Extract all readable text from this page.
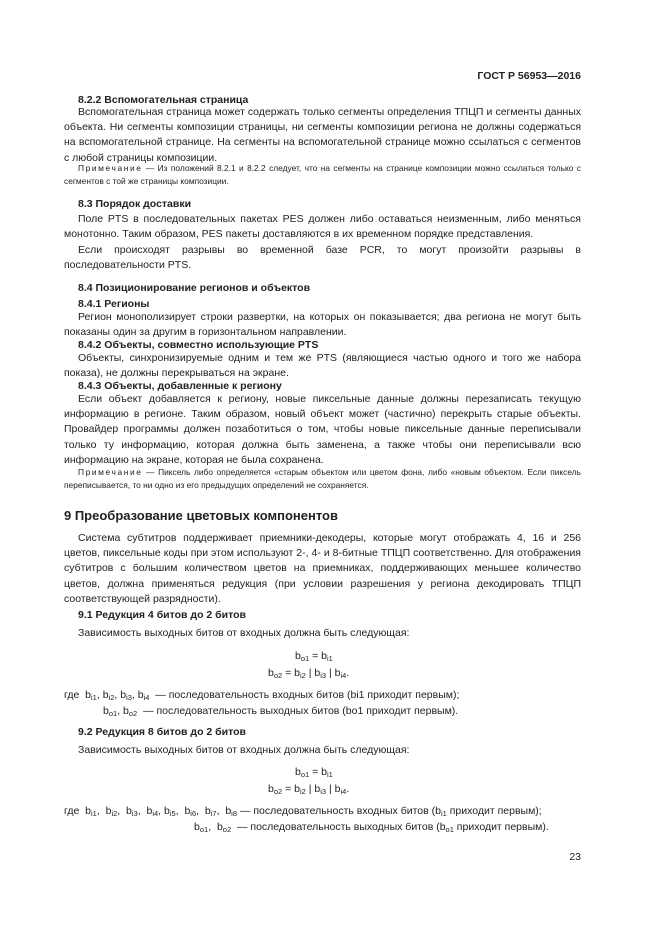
ГОСТ Р 56953—2016
8.2.2 Вспомогательная страница
Вспомогательная страница может содержать только сегменты определения ТПЦП и сегменты данных объекта. Ни сегменты композиции страницы, ни сегменты композиции региона не должны содержаться на вспомогательной странице. На сегменты на вспомогательной странице можно ссылаться с сегментов с любой страницы композиции.
Примечание — Из положений 8.2.1 и 8.2.2 следует, что на сегменты на странице композиции можно ссылаться только с сегментов с той же страницы композиции.
8.3 Порядок доставки
Поле PTS в последовательных пакетах PES должен либо оставаться неизменным, либо меняться монотонно. Таким образом, PES пакеты доставляются в их временном порядке представления.
Если происходят разрывы во временной базе PCR, то могут произойти разрывы в последовательности PTS.
8.4 Позиционирование регионов и объектов
8.4.1 Регионы
Регион монополизирует строки развертки, на которых он показывается; два региона не могут быть показаны один за другим в горизонтальном направлении.
8.4.2 Объекты, совместно использующие PTS
Объекты, синхронизируемые одним и тем же PTS (являющиеся частью одного и того же набора показа), не должны перекрываться на экране.
8.4.3 Объекты, добавленные к региону
Если объект добавляется к региону, новые пиксельные данные должны перезаписать текущую информацию в регионе. Таким образом, новый объект может (частично) перекрыть старые объекты. Провайдер программы должен позаботиться о том, чтобы новые пиксельные данные переписывали только ту информацию, которая должна быть заменена, а также чтобы они переписывали всю информацию на экране, которая не была сохранена.
Примечание — Пиксель либо определяется «старым объектом или цветом фона, либо «новым объектом. Если пиксель переписывается, то ни одно из его предыдущих определений не сохраняется.
9 Преобразование цветовых компонентов
Система субтитров поддерживает приемники-декодеры, которые могут отображать 4, 16 и 256 цветов, пиксельные коды при этом используют 2-, 4- и 8-битные ТПЦП соответственно. Для отображения субтитров с большим количеством цветов на приемниках, поддерживающих меньшее количество цветов, должна применяться редукция (при условии разрешения у региона декодировать ТПЦП соответствующей разрядности).
9.1 Редукция 4 битов до 2 битов
Зависимость выходных битов от входных должна быть следующая:
$b_{o1} = b_{i1}$
$b_{o2} = b_{i2}$ | $b_{i3}$ | $b_{i4}$.
где  $b_{i1}$, $b_{i2}$, $b_{i3}$, $b_{i4}$ — последовательность входных битов (bi1 приходит первым);
$b_{o1}$, $b_{o2}$ — последовательность выходных битов (bo1 приходит первым).
9.2 Редукция 8 битов до 2 битов
Зависимость выходных битов от входных должна быть следующая:
$b_{o1} = b_{i1}$
$b_{o2} = b_{i2}$ | $b_{i3}$ | $b_{i4}$.
где  $b_{i1}$,  $b_{i2}$,  $b_{i3}$,  $b_{i4}$, $b_{i5}$,  $b_{i6}$,  $b_{i7}$,  $b_{i8}$ — последовательность входных битов ($b_{i1}$ приходит первым);
$b_{o1}$,  $b_{o2}$ — последовательность выходных битов ($b_{o1}$ приходит первым).
23
